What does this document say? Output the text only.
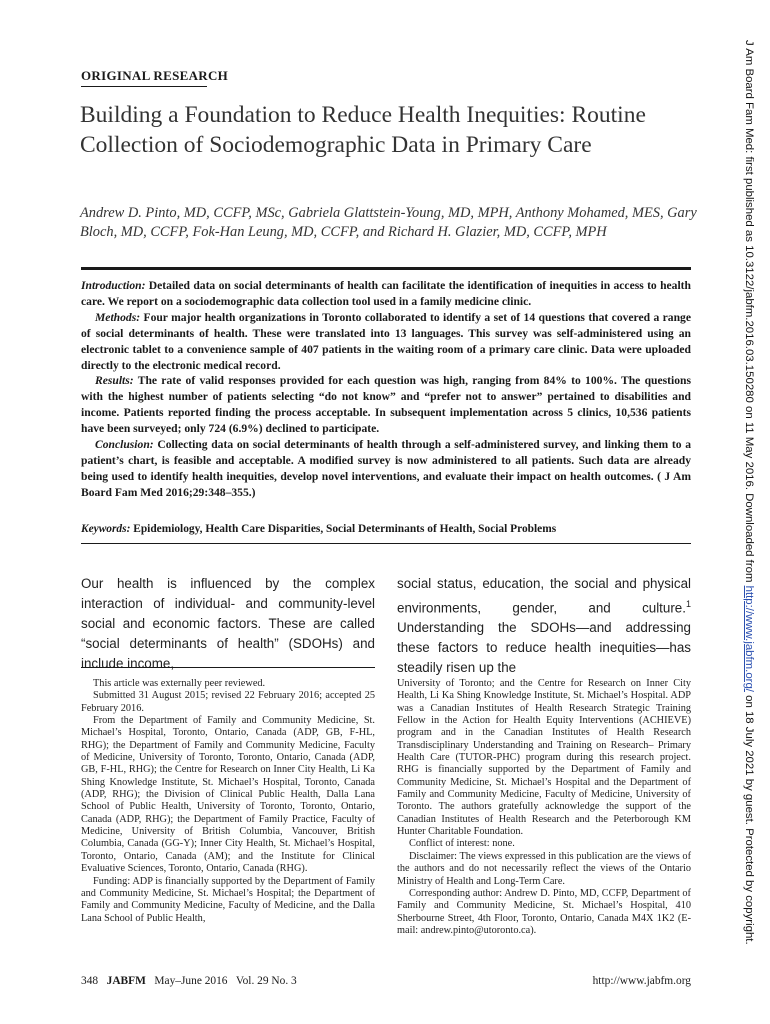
ORIGINAL RESEARCH
Building a Foundation to Reduce Health Inequities: Routine Collection of Sociodemographic Data in Primary Care
Andrew D. Pinto, MD, CCFP, MSc, Gabriela Glattstein-Young, MD, MPH, Anthony Mohamed, MES, Gary Bloch, MD, CCFP, Fok-Han Leung, MD, CCFP, and Richard H. Glazier, MD, CCFP, MPH

Introduction: Detailed data on social determinants of health can facilitate the identification of inequities in access to health care. We report on a sociodemographic data collection tool used in a family medicine clinic.

Methods: Four major health organizations in Toronto collaborated to identify a set of 14 questions that covered a range of social determinants of health. These were translated into 13 languages. This survey was self-administered using an electronic tablet to a convenience sample of 407 patients in the waiting room of a primary care clinic. Data were uploaded directly to the electronic medical record.

Results: The rate of valid responses provided for each question was high, ranging from 84% to 100%. The questions with the highest number of patients selecting “do not know” and “prefer not to answer” pertained to disabilities and income. Patients reported finding the process acceptable. In subsequent implementation across 5 clinics, 10,536 patients have been surveyed; only 724 (6.9%) declined to participate.

Conclusion: Collecting data on social determinants of health through a self-administered survey, and linking them to a patient’s chart, is feasible and acceptable. A modified survey is now administered to all patients. Such data are already being used to identify health inequities, develop novel interventions, and evaluate their impact on health outcomes. ( J Am Board Fam Med 2016;29:348–355.)

Keywords: Epidemiology, Health Care Disparities, Social Determinants of Health, Social Problems
Our health is influenced by the complex interaction of individual- and community-level social and economic factors. These are called “social determinants of health” (SDOHs) and include income,
social status, education, the social and physical environments, gender, and culture.$^1$ Understanding the SDOHs—and addressing these factors to reduce health inequities—has steadily risen up the

This article was externally peer reviewed.

Submitted 31 August 2015; revised 22 February 2016; accepted 25 February 2016.

From the Department of Family and Community Medicine, St. Michael’s Hospital, Toronto, Ontario, Canada (ADP, GB, F-HL, RHG); the Department of Family and Community Medicine, Faculty of Medicine, University of Toronto, Toronto, Ontario, Canada (ADP, GB, F-HL, RHG); the Centre for Research on Inner City Health, Li Ka Shing Knowledge Institute, St. Michael’s Hospital, Toronto, Canada (ADP, RHG); the Division of Clinical Public Health, Dalla Lana School of Public Health, University of Toronto, Toronto, Ontario, Canada (ADP, RHG); the Department of Family Practice, Faculty of Medicine, University of British Columbia, Vancouver, British Columbia, Canada (GG-Y); Inner City Health, St. Michael’s Hospital, Toronto, Ontario, Canada (AM); and the Institute for Clinical Evaluative Sciences, Toronto, Ontario, Canada (RHG).

Funding: ADP is financially supported by the Department of Family and Community Medicine, St. Michael’s Hospital; the Department of Family and Community Medicine, Faculty of Medicine, and the Dalla Lana School of Public Health,

University of Toronto; and the Centre for Research on Inner City Health, Li Ka Shing Knowledge Institute, St. Michael’s Hospital. ADP was a Canadian Institutes of Health Research Strategic Training Fellow in the Action for Health Equity Interventions (ACHIEVE) program and in the Canadian Institutes of Health Research Transdisciplinary Understanding and Training on Research– Primary Health Care (TUTOR-PHC) program during this research project. RHG is financially supported by the Department of Family and Community Medicine, St. Michael’s Hospital and the Department of Family and Community Medicine, Faculty of Medicine, University of Toronto. The authors gratefully acknowledge the support of the Canadian Institutes of Health Research and the Peterborough KM Hunter Charitable Foundation.

Conflict of interest: none.

Disclaimer: The views expressed in this publication are the views of the authors and do not necessarily reflect the views of the Ontario Ministry of Health and Long-Term Care.

Corresponding author: Andrew D. Pinto, MD, CCFP, Department of Family and Community Medicine, St. Michael’s Hospital, 410 Sherbourne Street, 4th Floor, Toronto, Ontario, Canada M4X 1K2 (E-mail: andrew.pinto@utoronto.ca).

348 JABFM May–June 2016   Vol. 29 No. 3	http://www.jabfm.org
J Am Board Fam Med: first published as 10.3122/jabfm.2016.03.150280 on 11 May 2016. Downloaded from http://www.jabfm.org/ on 18 July 2021 by guest. Protected by copyright.
